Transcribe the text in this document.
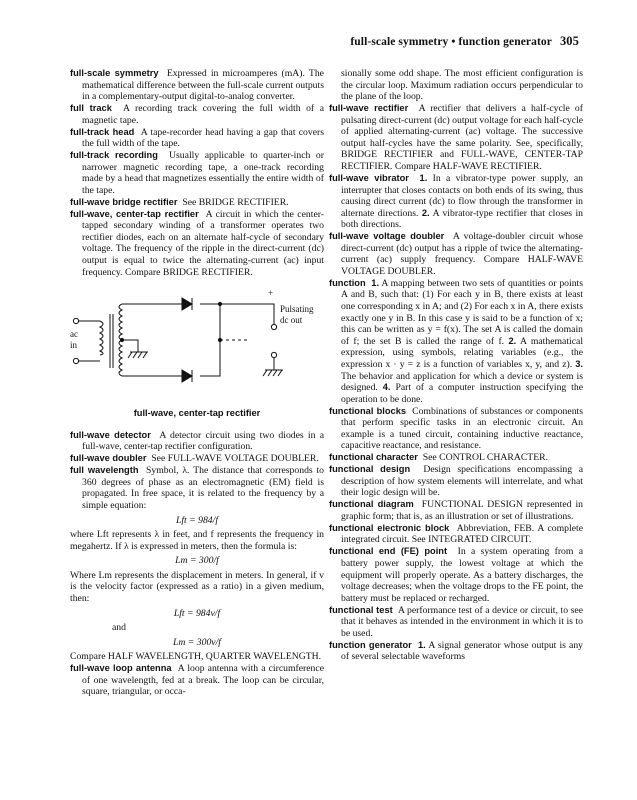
full-scale symmetry • function generator 305

full-scale symmetry Expressed in microamperes (mA). The mathematical difference between the full-scale current outputs in a complementary-output digital-to-analog converter.

full track A recording track covering the full width of a magnetic tape.

full-track head A tape-recorder head having a gap that covers the full width of the tape.

full-track recording Usually applicable to quarter-inch or narrower magnetic recording tape, a one-track recording made by a head that magnetizes essentially the entire width of the tape.

full-wave bridge rectifier See BRIDGE RECTIFIER.

full-wave, center-tap rectifier A circuit in which the center-tapped secondary winding of a transformer operates two rectifier diodes, each on an alternate half-cycle of secondary voltage. The frequency of the ripple in the direct-current (dc) output is equal to twice the alternating-current (ac) input frequency. Compare BRIDGE RECTIFIER.

+
Pulsating
dc out
ac
in
full-wave, center-tap rectifier

full-wave detector A detector circuit using two diodes in a full-wave, center-tap rectifier configuration.

full-wave doubler See FULL-WAVE VOLTAGE DOUBLER.

full wavelength Symbol, λ. The distance that corresponds to 360 degrees of phase as an electromagnetic (EM) field is propagated. In free space, it is related to the frequency by a simple equation:

Lft = 984/f

where Lft represents λ in feet, and f represents the frequency in megahertz. If λ is expressed in meters, then the formula is:

Lm = 300/f

Where Lm represents the displacement in meters. In general, if v is the velocity factor (expressed as a ratio) in a given medium, then:

Lft = 984v/f

and

Lm = 300v/f

Compare HALF WAVELENGTH, QUARTER WAVELENGTH.

full-wave loop antenna A loop antenna with a circumference of one wavelength, fed at a break. The loop can be circular, square, triangular, or occa-

sionally some odd shape. The most efficient configuration is the circular loop. Maximum radiation occurs perpendicular to the plane of the loop.

full-wave rectifier A rectifier that delivers a half-cycle of pulsating direct-current (dc) output voltage for each half-cycle of applied alternating-current (ac) voltage. The successive output half-cycles have the same polarity. See, specifically, BRIDGE RECTIFIER and FULL-WAVE, CENTER-TAP RECTIFIER. Compare HALF-WAVE RECTIFIER.

full-wave vibrator 1. In a vibrator-type power supply, an interrupter that closes contacts on both ends of its swing, thus causing direct current (dc) to flow through the transformer in alternate directions. 2. A vibrator-type rectifier that closes in both directions.

full-wave voltage doubler A voltage-doubler circuit whose direct-current (dc) output has a ripple of twice the alternating-current (ac) supply frequency. Compare HALF-WAVE VOLTAGE DOUBLER.

function 1. A mapping between two sets of quantities or points A and B, such that: (1) For each y in B, there exists at least one corresponding x in A; and (2) For each x in A, there exists exactly one y in B. In this case y is said to be a function of x; this can be written as y = f(x). The set A is called the domain of f; the set B is called the range of f. 2. A mathematical expression, using symbols, relating variables (e.g., the expression x · y = z is a function of variables x, y, and z). 3. The behavior and application for which a device or system is designed. 4. Part of a computer instruction specifying the operation to be done.

functional blocks Combinations of substances or components that perform specific tasks in an electronic circuit. An example is a tuned circuit, containing inductive reactance, capacitive reactance, and resistance.

functional character See CONTROL CHARACTER.

functional design Design specifications encompassing a description of how system elements will interrelate, and what their logic design will be.

functional diagram FUNCTIONAL DESIGN represented in graphic form; that is, as an illustration or set of illustrations.

functional electronic block Abbreviation, FEB. A complete integrated circuit. See INTEGRATED CIRCUIT.

functional end (FE) point In a system operating from a battery power supply, the lowest voltage at which the equipment will properly operate. As a battery discharges, the voltage decreases; when the voltage drops to the FE point, the battery must be replaced or recharged.

functional test A performance test of a device or circuit, to see that it behaves as intended in the environment in which it is to be used.

function generator 1. A signal generator whose output is any of several selectable waveforms
